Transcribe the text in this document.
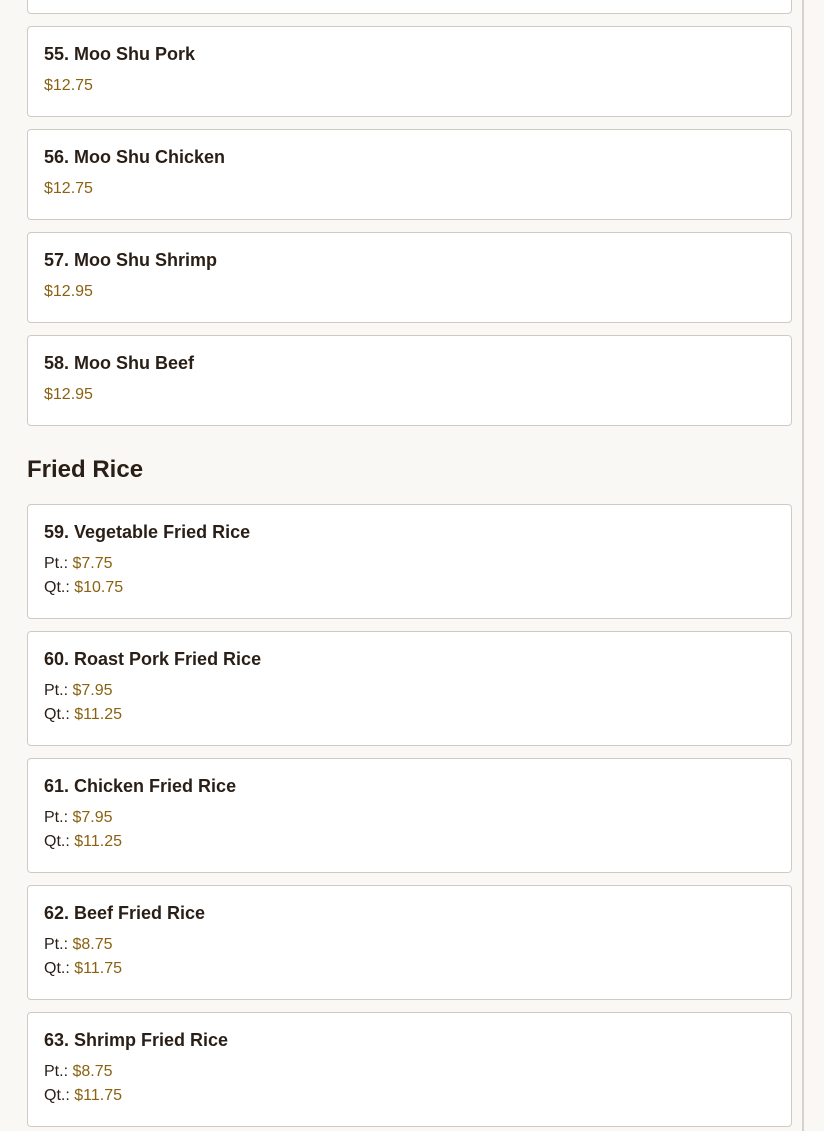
55. Moo Shu Pork
$12.75
56. Moo Shu Chicken
$12.75
57. Moo Shu Shrimp
$12.95
58. Moo Shu Beef
$12.95
Fried Rice
59. Vegetable Fried Rice
Pt.: $7.75
Qt.: $10.75
60. Roast Pork Fried Rice
Pt.: $7.95
Qt.: $11.25
61. Chicken Fried Rice
Pt.: $7.95
Qt.: $11.25
62. Beef Fried Rice
Pt.: $8.75
Qt.: $11.75
63. Shrimp Fried Rice
Pt.: $8.75
Qt.: $11.75
